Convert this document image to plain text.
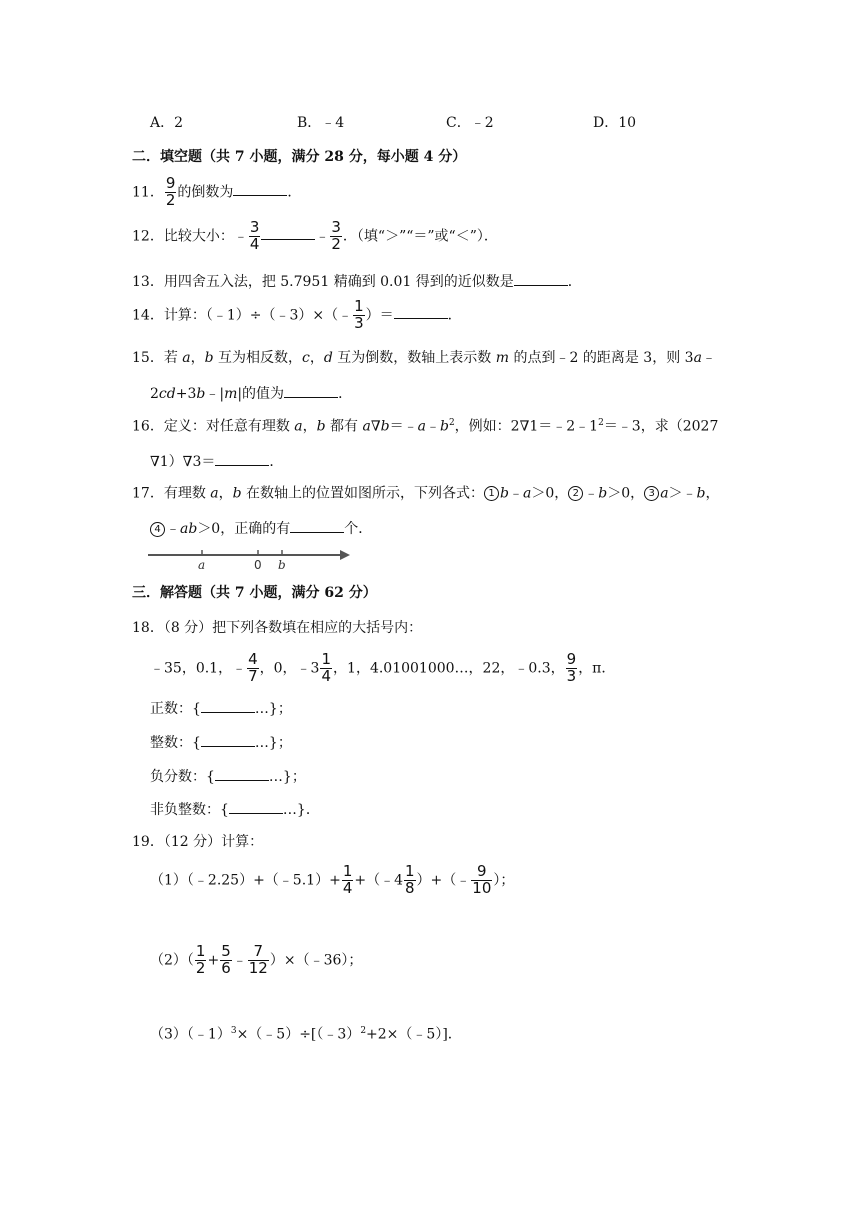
A．2	B．﹣4	C．﹣2	D．10
二．填空题（共 7 小题，满分 28 分，每小题 4 分）
11． $\frac{9}{2}$ 的倒数为	．
12．比较大小：﹣ $\frac{3}{4}$	﹣ $\frac{3}{2}$ ．（填“＞”“＝”或“＜”）．
13．用四舍五入法，把 5.7951 精确到 0.01 得到的近似数是	．
14．计算：（﹣1）÷（﹣3）×（﹣ $\frac{1}{3}$ ）＝	．
15．若 a，b 互为相反数，c，d 互为倒数，数轴上表示数 m 的点到﹣2 的距离是 3，则 3a﹣
2cd+3b﹣|m|的值为	．
16．定义：对任意有理数 a，b 都有 $a\nabla b=﹣a﹣b^2$，例如：$2\nabla 1=﹣2﹣1^2=﹣3$，求（2027
∇1）∇3＝	．
17．有理数 a，b 在数轴上的位置如图所示，下列各式： 1 b﹣a＞0， 2 ﹣b＞0， 3 a＞﹣b，
4 ﹣ab＞0，正确的有	个．
a	0 b
三．解答题（共 7 小题，满分 62 分）
18．（8 分）把下列各数填在相应的大括号内：
﹣35，0.1，﹣ $\frac{4}{7}$ ，0，﹣3 $\frac{1}{4}$ ，1，4.01001000…，22，﹣0.3， $\frac{9}{3}$ ，π．
正数：{	…}；
整数：{	…}；
负分数：{	…}；
非负整数：{	…}．
19．（12 分）计算：
（1）（﹣2.25）+（﹣5.1）+ $\frac{1}{4}$ +（﹣4 $\frac{1}{8}$ ）+（﹣ $\frac{9}{10}$ ）；
$(2)( \frac{1}{2} + \frac{5}{6}$ ﹣ $\frac{7}{12}$ ）×（﹣36）；
（3）（﹣1）$^3$×（﹣5）÷[（﹣3）$^2$+2×（﹣5）]．
